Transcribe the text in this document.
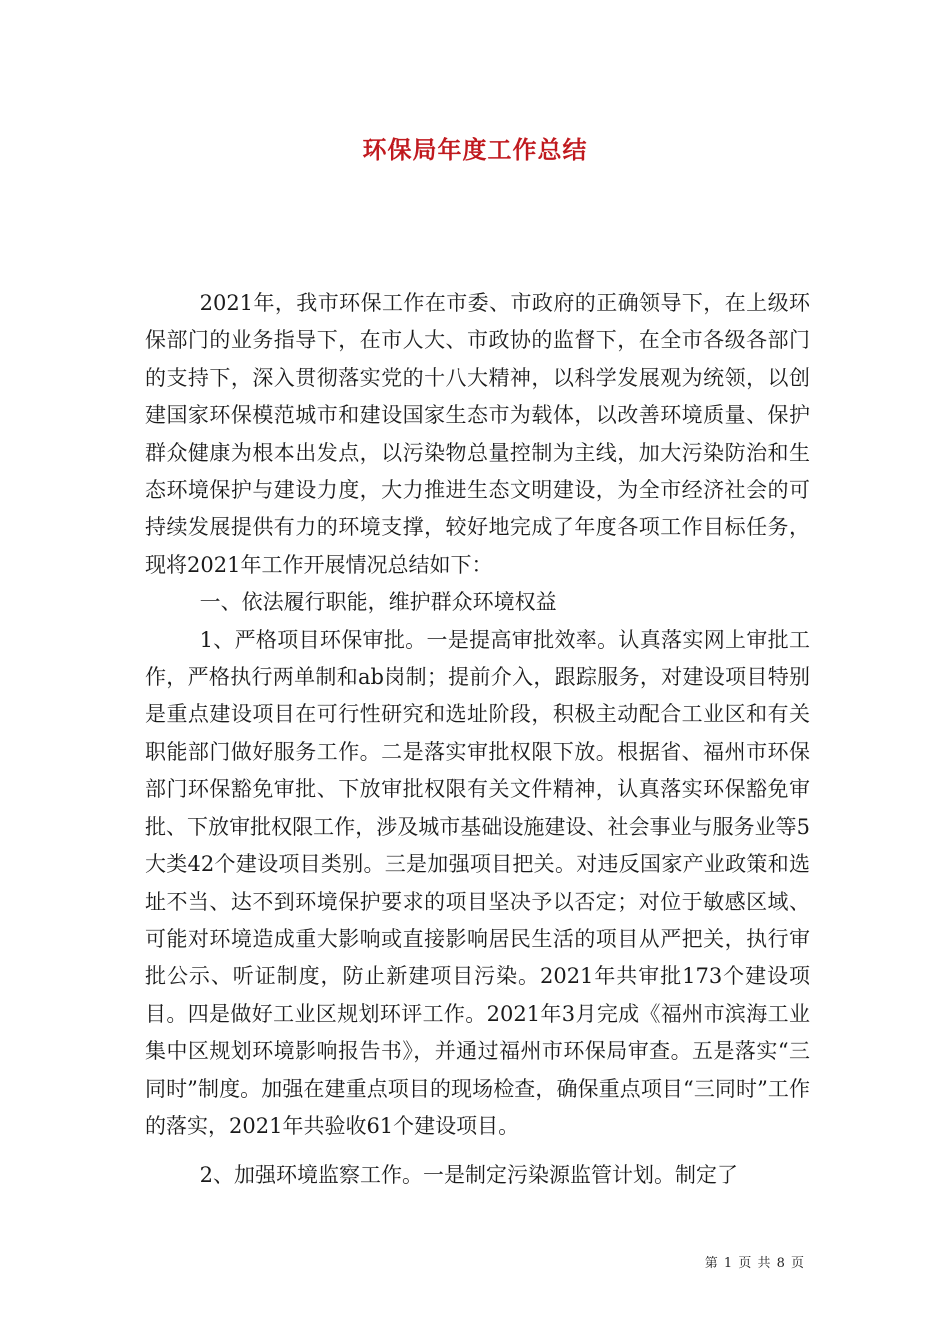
环保局年度工作总结

2021年，我市环保工作在市委、市政府的正确领导下，在上级环保部门的业务指导下，在市人大、市政协的监督下，在全市各级各部门的支持下，深入贯彻落实党的十八大精神，以科学发展观为统领，以创建国家环保模范城市和建设国家生态市为载体，以改善环境质量、保护群众健康为根本出发点，以污染物总量控制为主线，加大污染防治和生态环境保护与建设力度，大力推进生态文明建设，为全市经济社会的可持续发展提供有力的环境支撑，较好地完成了年度各项工作目标任务，现将2021年工作开展情况总结如下：

一、依法履行职能，维护群众环境权益

1、严格项目环保审批。一是提高审批效率。认真落实网上审批工作，严格执行两单制和ab岗制；提前介入，跟踪服务，对建设项目特别是重点建设项目在可行性研究和选址阶段，积极主动配合工业区和有关职能部门做好服务工作。二是落实审批权限下放。根据省、福州市环保部门环保豁免审批、下放审批权限有关文件精神，认真落实环保豁免审批、下放审批权限工作，涉及城市基础设施建设、社会事业与服务业等5大类42个建设项目类别。三是加强项目把关。对违反国家产业政策和选址不当、达不到环境保护要求的项目坚决予以否定；对位于敏感区域、可能对环境造成重大影响或直接影响居民生活的项目从严把关，执行审批公示、听证制度，防止新建项目污染。2021年共审批173个建设项目。四是做好工业区规划环评工作。2021年3月完成《福州市滨海工业集中区规划环境影响报告书》，并通过福州市环保局审查。五是落实“三同时”制度。加强在建重点项目的现场检查，确保重点项目“三同时”工作的落实，2021年共验收61个建设项目。

2、加强环境监察工作。一是制定污染源监管计划。制定了

第 1 页 共 8 页
